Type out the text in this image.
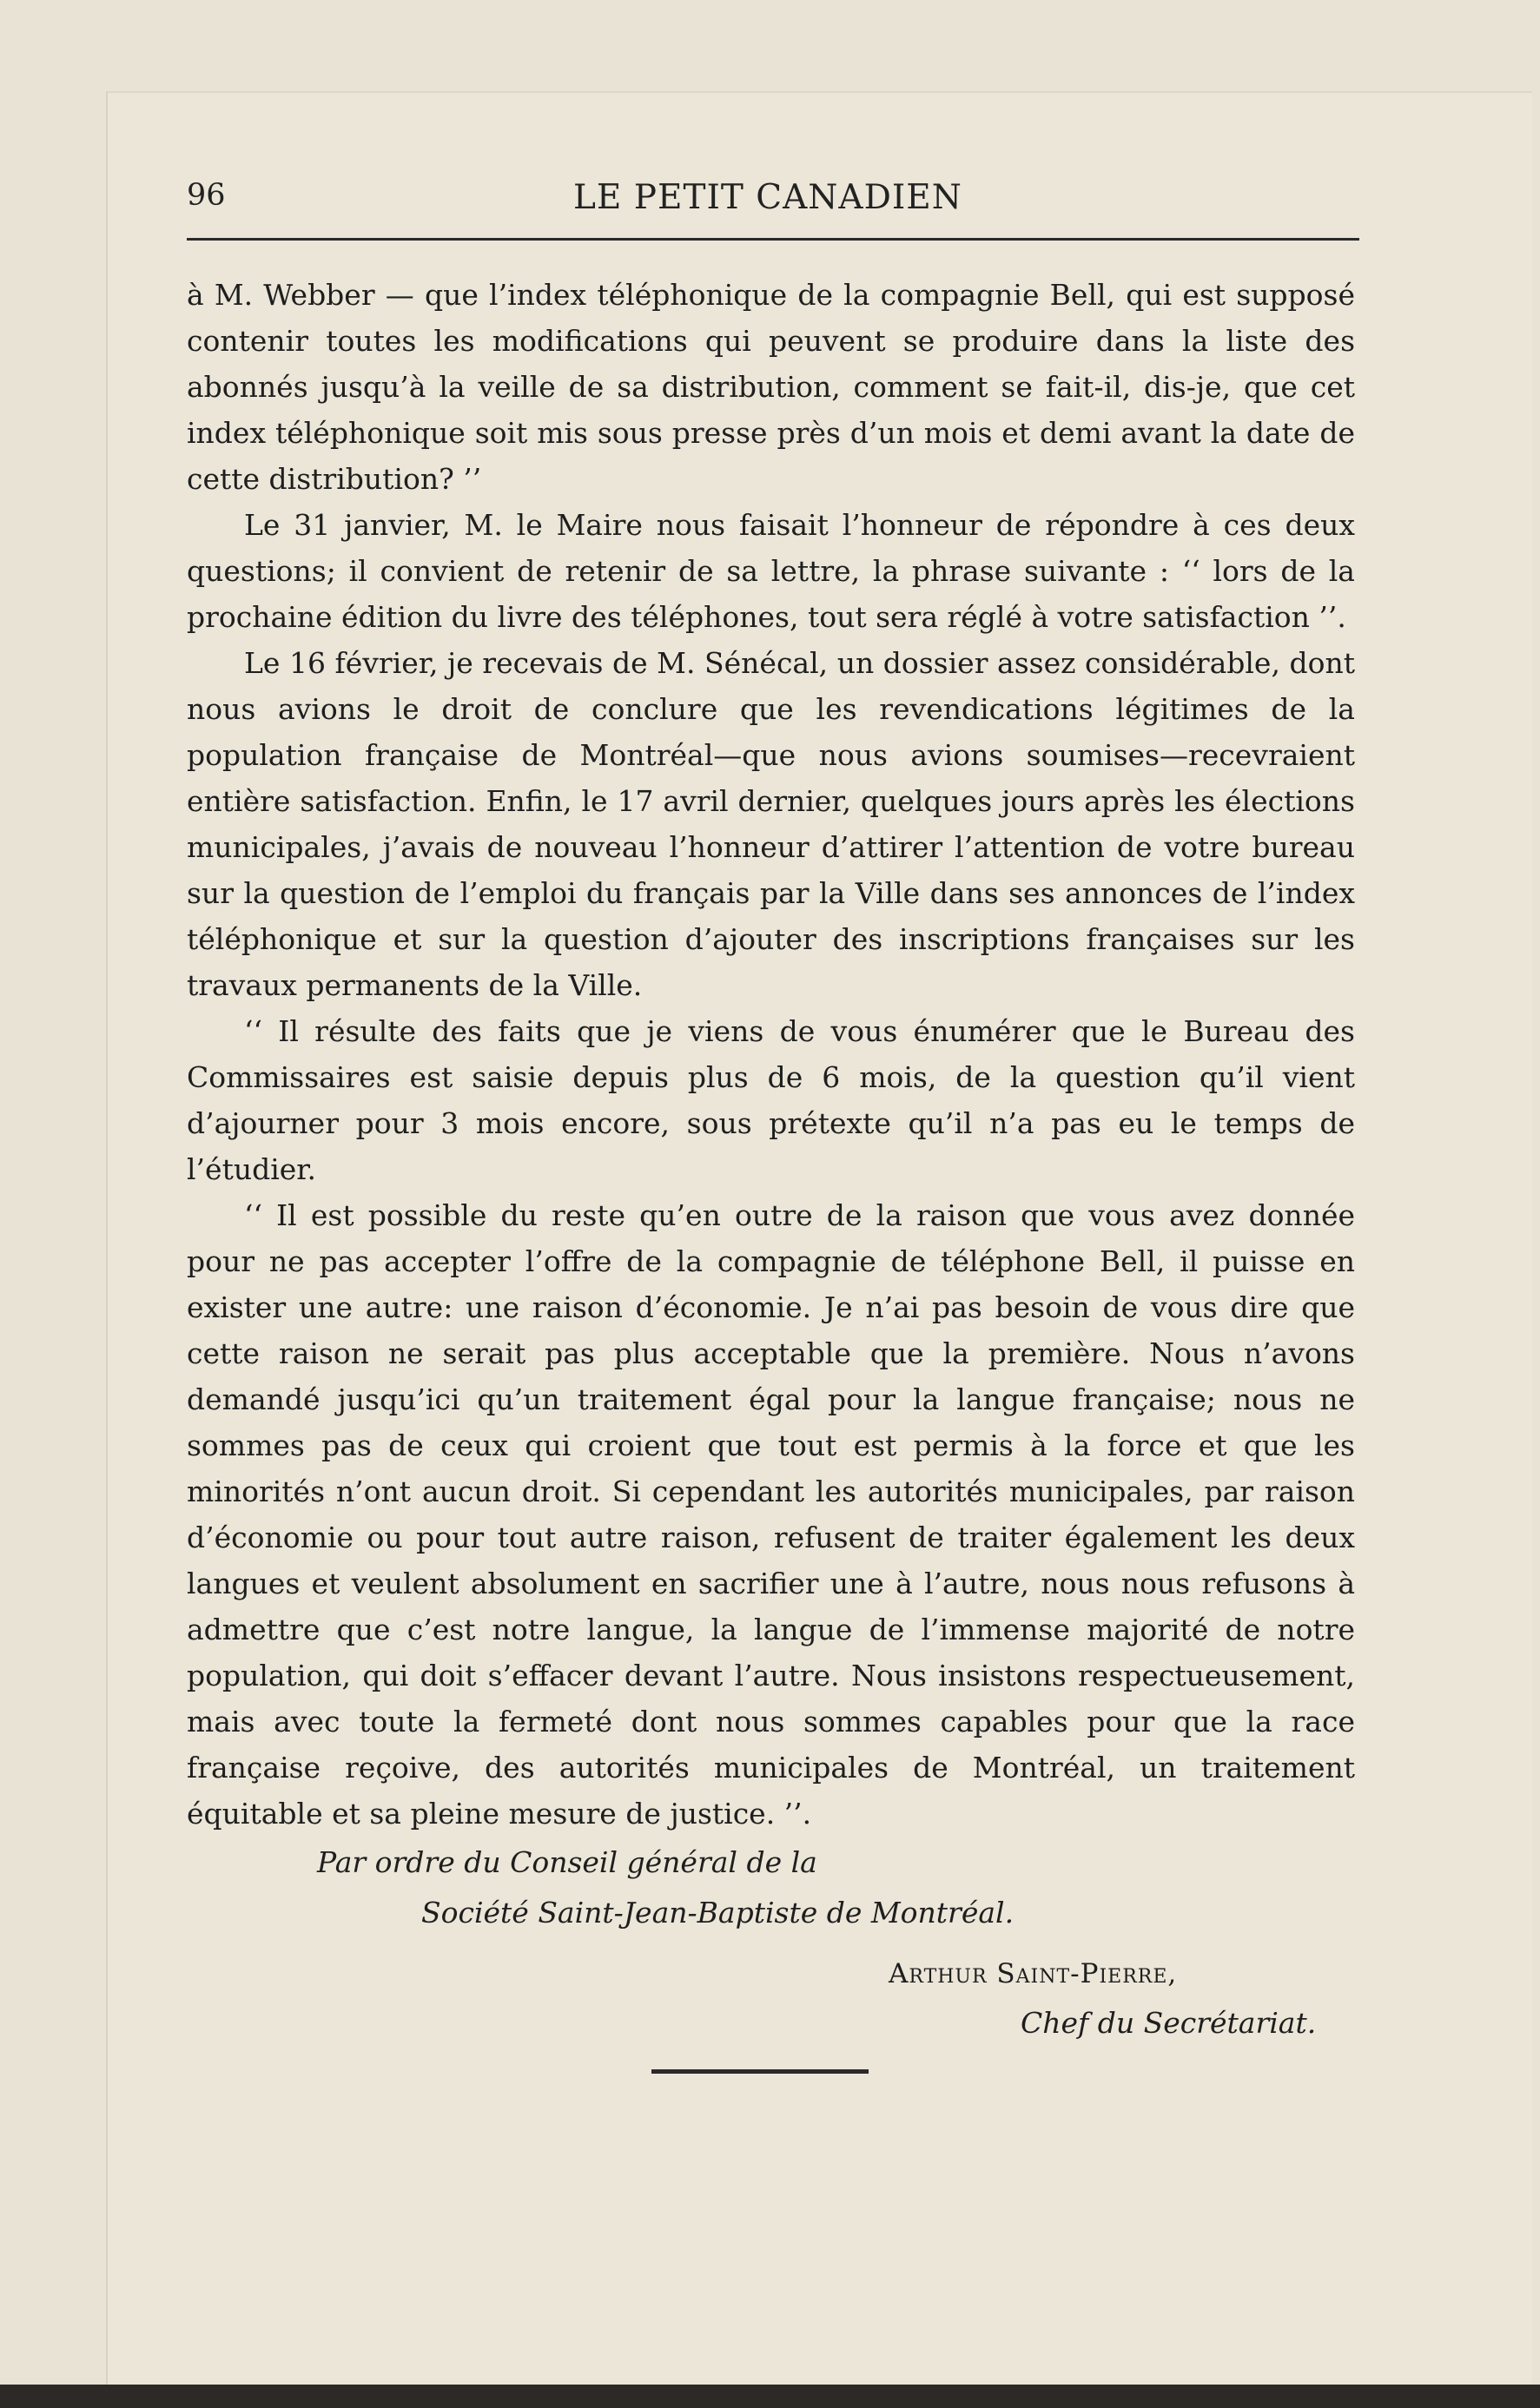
96	LE PETIT CANADIEN

à M. Webber — que l’index téléphonique de la compagnie Bell, qui est supposé contenir toutes les modifications qui peuvent se produire dans la liste des abonnés jusqu’à la veille de sa distribution, comment se fait-il, dis-je, que cet index téléphonique soit mis sous presse près d’un mois et demi avant la date de cette distribution? ’’

Le 31 janvier, M. le Maire nous faisait l’honneur de répondre à ces deux questions; il convient de retenir de sa lettre, la phrase suivante : ‘‘ lors de la prochaine édition du livre des téléphones, tout sera réglé à votre satisfaction ’’.

Le 16 février, je recevais de M. Sénécal, un dossier assez considérable, dont nous avions le droit de conclure que les revendications légitimes de la population française de Montréal—que nous avions soumises—recevraient entière satisfaction. Enfin, le 17 avril dernier, quelques jours après les élections municipales, j’avais de nouveau l’honneur d’attirer l’attention de votre bureau sur la question de l’emploi du français par la Ville dans ses annonces de l’index téléphonique et sur la question d’ajouter des inscriptions françaises sur les travaux permanents de la Ville.

‘‘ Il résulte des faits que je viens de vous énumérer que le Bureau des Commissaires est saisie depuis plus de 6 mois, de la question qu’il vient d’ajourner pour 3 mois encore, sous prétexte qu’il n’a pas eu le temps de l’étudier.

‘‘ Il est possible du reste qu’en outre de la raison que vous avez donnée pour ne pas accepter l’offre de la compagnie de téléphone Bell, il puisse en exister une autre: une raison d’économie. Je n’ai pas besoin de vous dire que cette raison ne serait pas plus acceptable que la première. Nous n’avons demandé jusqu’ici qu’un traitement égal pour la langue française; nous ne sommes pas de ceux qui croient que tout est permis à la force et que les minorités n’ont aucun droit. Si cependant les autorités municipales, par raison d’économie ou pour tout autre raison, refusent de traiter également les deux langues et veulent absolument en sacrifier une à l’autre, nous nous refusons à admettre que c’est notre langue, la langue de l’immense majorité de notre population, qui doit s’effacer devant l’autre. Nous insistons respectueusement, mais avec toute la fermeté dont nous sommes capables pour que la race française reçoive, des autorités municipales de Montréal, un traitement équitable et sa pleine mesure de justice. ’’.

Par ordre du Conseil général de la
Société Saint-Jean-Baptiste de Montréal.
Arthur Saint-Pierre,
Chef du Secrétariat.
